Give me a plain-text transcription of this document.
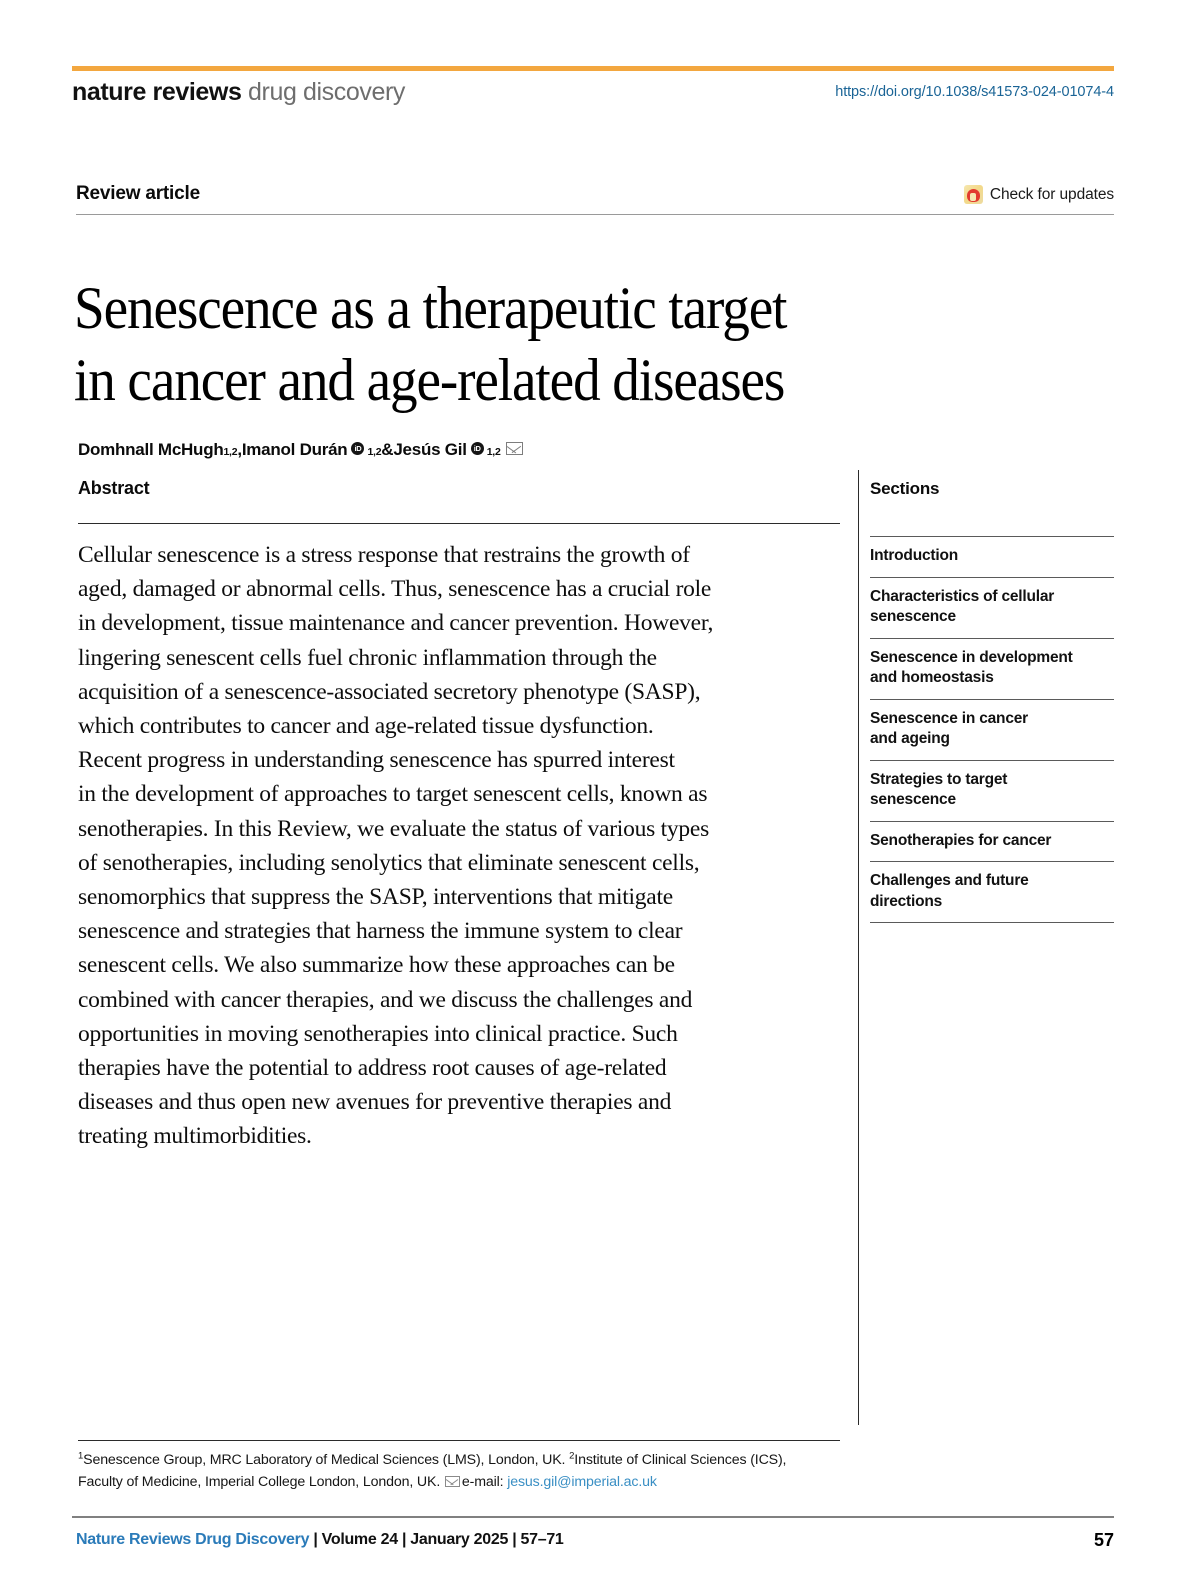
nature reviews drug discovery	https://doi.org/10.1038/s41573-024-01074-4
Review article	Check for updates
Senescence as a therapeutic target
in cancer and age-related diseases
Domhnall McHugh 1,2 , Imanol Durán iD 1,2 & Jesús Gil iD 1,2
Abstract
Cellular senescence is a stress response that restrains the growth of
aged, damaged or abnormal cells. Thus, senescence has a crucial role
in development, tissue maintenance and cancer prevention. However,
lingering senescent cells fuel chronic inflammation through the
acquisition of a senescence-associated secretory phenotype (SASP),
which contributes to cancer and age-related tissue dysfunction.
Recent progress in understanding senescence has spurred interest
in the development of approaches to target senescent cells, known as
senotherapies. In this Review, we evaluate the status of various types
of senotherapies, including senolytics that eliminate senescent cells,
senomorphics that suppress the SASP, interventions that mitigate
senescence and strategies that harness the immune system to clear
senescent cells. We also summarize how these approaches can be
combined with cancer therapies, and we discuss the challenges and
opportunities in moving senotherapies into clinical practice. Such
therapies have the potential to address root causes of age-related
diseases and thus open new avenues for preventive therapies and
treating multimorbidities.
Sections
Introduction
Characteristics of cellular
senescence
Senescence in development
and homeostasis
Senescence in cancer
and ageing
Strategies to target
senescence
Senotherapies for cancer
Challenges and future
directions
$^1$Senescence Group, MRC Laboratory of Medical Sciences (LMS), London, UK. $^2$Institute of Clinical Sciences (ICS),
Faculty of Medicine, Imperial College London, London, UK. e-mail: jesus.gil@imperial.ac.uk
Nature Reviews Drug Discovery | Volume 24 | January 2025 | 57–71	57
